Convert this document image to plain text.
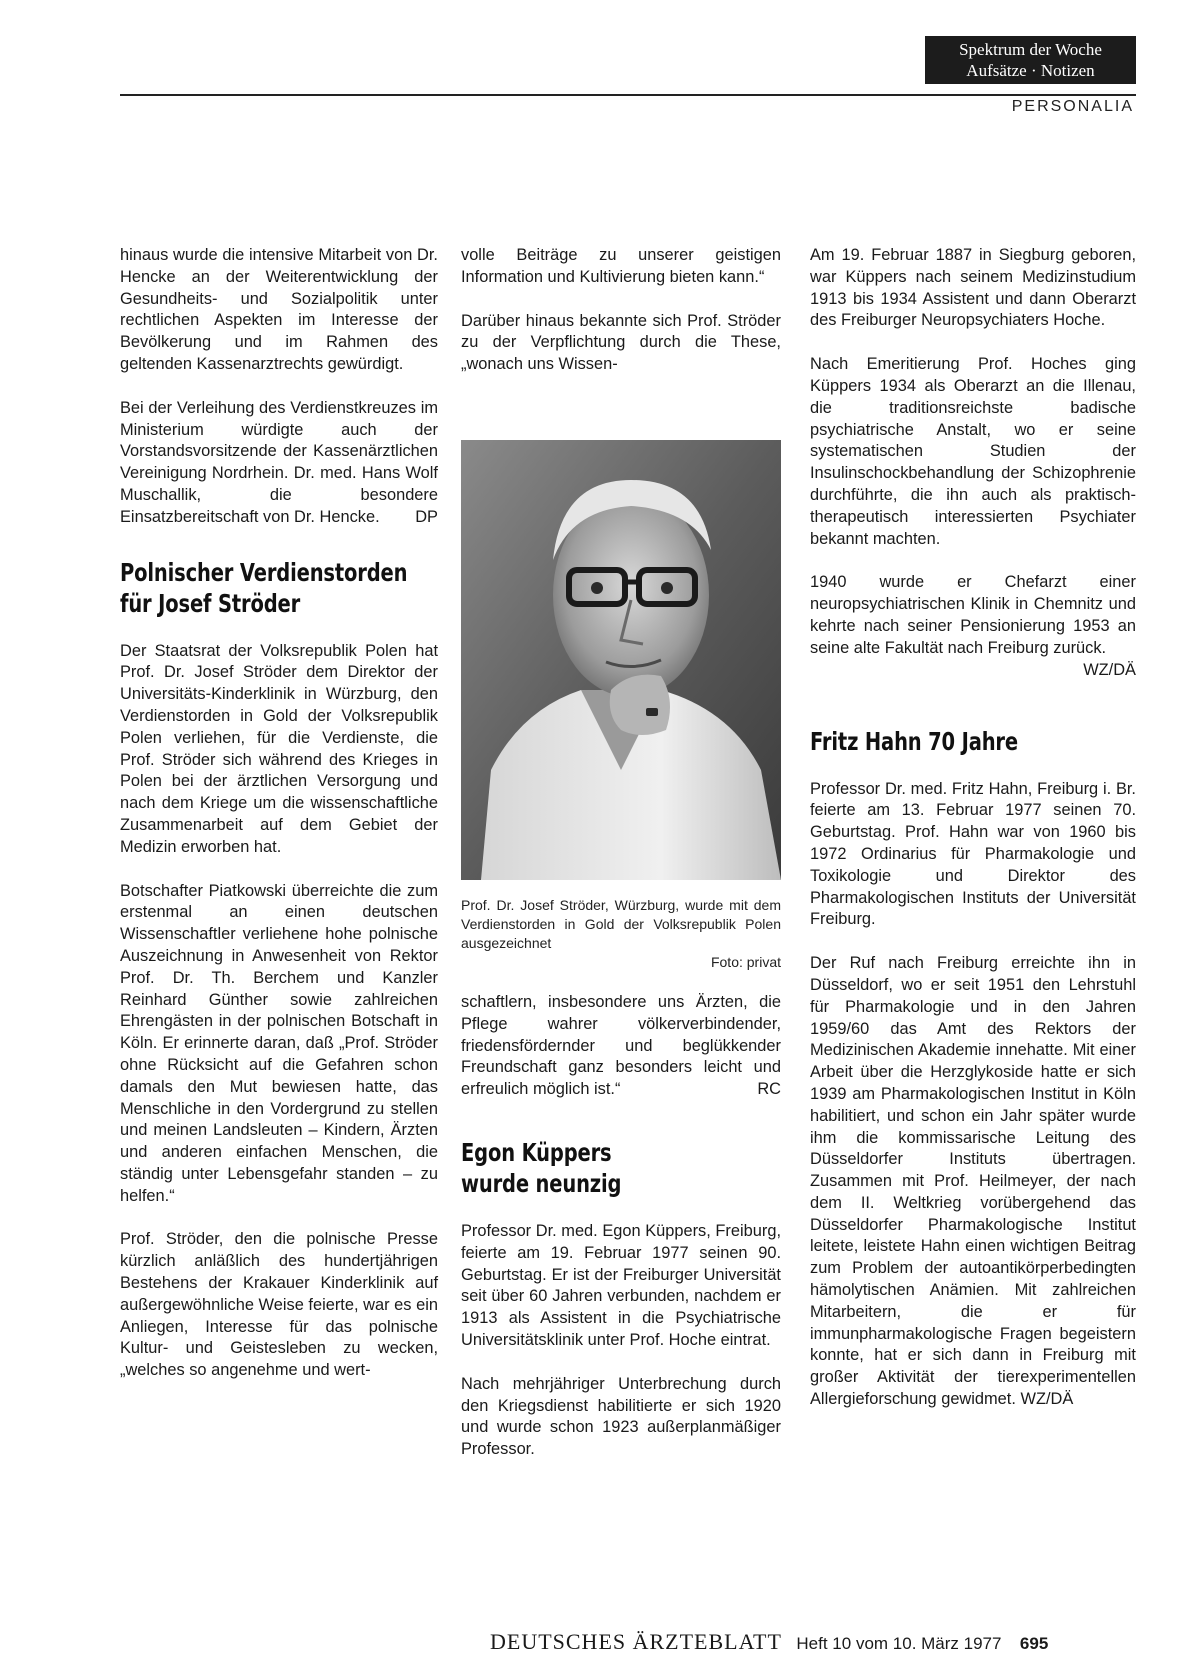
Spektrum der Woche
Aufsätze · Notizen
PERSONALIA

hinaus wurde die intensive Mitarbeit von Dr. Hencke an der Weiterentwicklung der Gesundheits- und Sozialpolitik unter rechtlichen Aspekten im Interesse der Bevölkerung und im Rahmen des geltenden Kassenarztrechts gewürdigt.

Bei der Verleihung des Verdienstkreuzes im Ministerium würdigte auch der Vorstandsvorsitzende der Kassenärztlichen Vereinigung Nordrhein. Dr. med. Hans Wolf Muschallik, die besondere Einsatzbereitschaft von Dr. Hencke. DP

Polnischer Verdienstorden
für Josef Ströder

Der Staatsrat der Volksrepublik Polen hat Prof. Dr. Josef Ströder dem Direktor der Universitäts-Kinderklinik in Würzburg, den Verdienstorden in Gold der Volksrepublik Polen verliehen, für die Verdienste, die Prof. Ströder sich während des Krieges in Polen bei der ärztlichen Versorgung und nach dem Kriege um die wissenschaftliche Zusammenarbeit auf dem Gebiet der Medizin erworben hat.

Botschafter Piatkowski überreichte die zum erstenmal an einen deutschen Wissenschaftler verliehene hohe polnische Auszeichnung in Anwesenheit von Rektor Prof. Dr. Th. Berchem und Kanzler Reinhard Günther sowie zahlreichen Ehrengästen in der polnischen Botschaft in Köln. Er erinnerte daran, daß „Prof. Ströder ohne Rücksicht auf die Gefahren schon damals den Mut bewiesen hatte, das Menschliche in den Vordergrund zu stellen und meinen Landsleuten – Kindern, Ärzten und anderen einfachen Menschen, die ständig unter Lebensgefahr standen – zu helfen.“

Prof. Ströder, den die polnische Presse kürzlich anläßlich des hundertjährigen Bestehens der Krakauer Kinderklinik auf außergewöhnliche Weise feierte, war es ein Anliegen, Interesse für das polnische Kultur- und Geistesleben zu wecken, „welches so angenehme und wert-

volle Beiträge zu unserer geistigen Information und Kultivierung bieten kann.“

Darüber hinaus bekannte sich Prof. Ströder zu der Verpflichtung durch die These, „wonach uns Wissen-

Prof. Dr. Josef Ströder, Würzburg, wurde mit dem Verdienstorden in Gold der Volksrepublik Polen ausgezeichnet
Foto: privat

schaftlern, insbesondere uns Ärzten, die Pflege wahrer völkerverbindender, friedensfördernder und beglükkender Freundschaft ganz besonders leicht und erfreulich möglich ist.“	RC

Egon Küppers
wurde neunzig

Professor Dr. med. Egon Küppers, Freiburg, feierte am 19. Februar 1977 seinen 90. Geburtstag. Er ist der Freiburger Universität seit über 60 Jahren verbunden, nachdem er 1913 als Assistent in die Psychiatrische Universitätsklinik unter Prof. Hoche eintrat.

Nach mehrjähriger Unterbrechung durch den Kriegsdienst habilitierte er sich 1920 und wurde schon 1923 außerplanmäßiger Professor.

Am 19. Februar 1887 in Siegburg geboren, war Küppers nach seinem Medizinstudium 1913 bis 1934 Assistent und dann Oberarzt des Freiburger Neuropsychiaters Hoche.

Nach Emeritierung Prof. Hoches ging Küppers 1934 als Oberarzt an die Illenau, die traditionsreichste badische psychiatrische Anstalt, wo er seine systematischen Studien der Insulinschockbehandlung der Schizophrenie durchführte, die ihn auch als praktisch-therapeutisch interessierten Psychiater bekannt machten.

1940 wurde er Chefarzt einer neuropsychiatrischen Klinik in Chemnitz und kehrte nach seiner Pensionierung 1953 an seine alte Fakultät nach Freiburg zurück.
WZ/DÄ

Fritz Hahn 70 Jahre

Professor Dr. med. Fritz Hahn, Freiburg i. Br. feierte am 13. Februar 1977 seinen 70. Geburtstag. Prof. Hahn war von 1960 bis 1972 Ordinarius für Pharmakologie und Toxikologie und Direktor des Pharmakologischen Instituts der Universität Freiburg.

Der Ruf nach Freiburg erreichte ihn in Düsseldorf, wo er seit 1951 den Lehrstuhl für Pharmakologie und in den Jahren 1959/60 das Amt des Rektors der Medizinischen Akademie innehatte. Mit einer Arbeit über die Herzglykoside hatte er sich 1939 am Pharmakologischen Institut in Köln habilitiert, und schon ein Jahr später wurde ihm die kommissarische Leitung des Düsseldorfer Instituts übertragen. Zusammen mit Prof. Heilmeyer, der nach dem II. Weltkrieg vorübergehend das Düsseldorfer Pharmakologische Institut leitete, leistete Hahn einen wichtigen Beitrag zum Problem der autoantikörperbedingten hämolytischen Anämien. Mit zahlreichen Mitarbeitern, die er für immunpharmakologische Fragen begeistern konnte, hat er sich dann in Freiburg mit großer Aktivität der tierexperimentellen Allergieforschung gewidmet. WZ/DÄ

DEUTSCHES ÄRZTEBLATT Heft 10 vom 10. März 1977 695
